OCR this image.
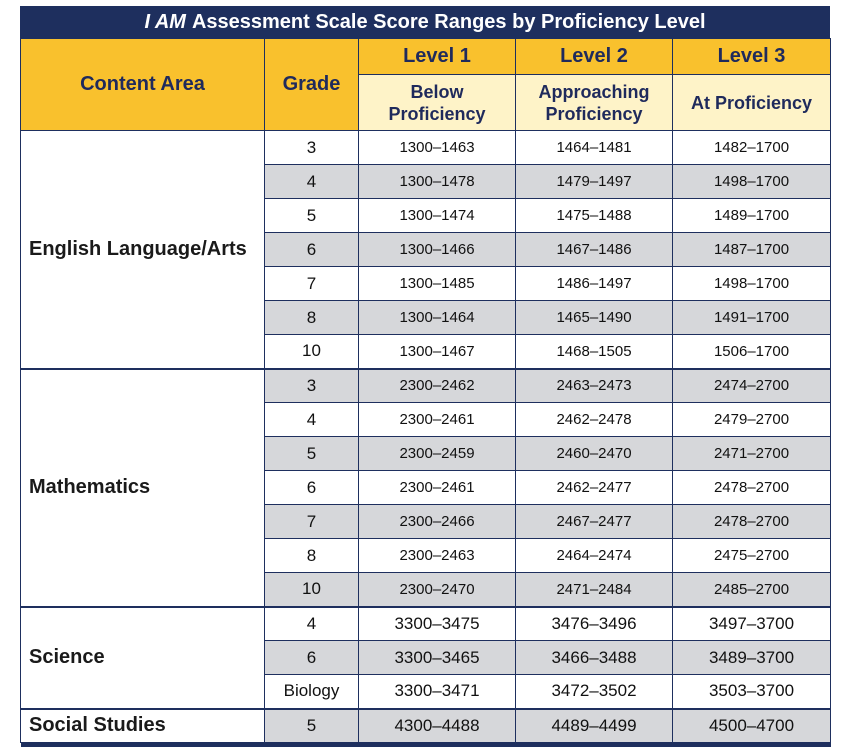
I AM Assessment Scale Score Ranges by Proficiency Level
Content Area	Grade	Level 1	Level 2	Level 3

		Below Proficiency	Approaching Proficiency	At Proficiency

English Language/Arts	3	1300–1463	1464–1481	1482–1700
	4	1300–1478	1479–1497	1498–1700
	5	1300–1474	1475–1488	1489–1700
	6	1300–1466	1467–1486	1487–1700
	7	1300–1485	1486–1497	1498–1700
	8	1300–1464	1465–1490	1491–1700
	10	1300–1467	1468–1505	1506–1700
Mathematics	3	2300–2462	2463–2473	2474–2700
	4	2300–2461	2462–2478	2479–2700
	5	2300–2459	2460–2470	2471–2700
	6	2300–2461	2462–2477	2478–2700
	7	2300–2466	2467–2477	2478–2700
	8	2300–2463	2464–2474	2475–2700
	10	2300–2470	2471–2484	2485–2700
Science	4	3300–3475	3476–3496	3497–3700
	6	3300–3465	3466–3488	3489–3700
	Biology	3300–3471	3472–3502	3503–3700
Social Studies	5	4300–4488	4489–4499	4500–4700
